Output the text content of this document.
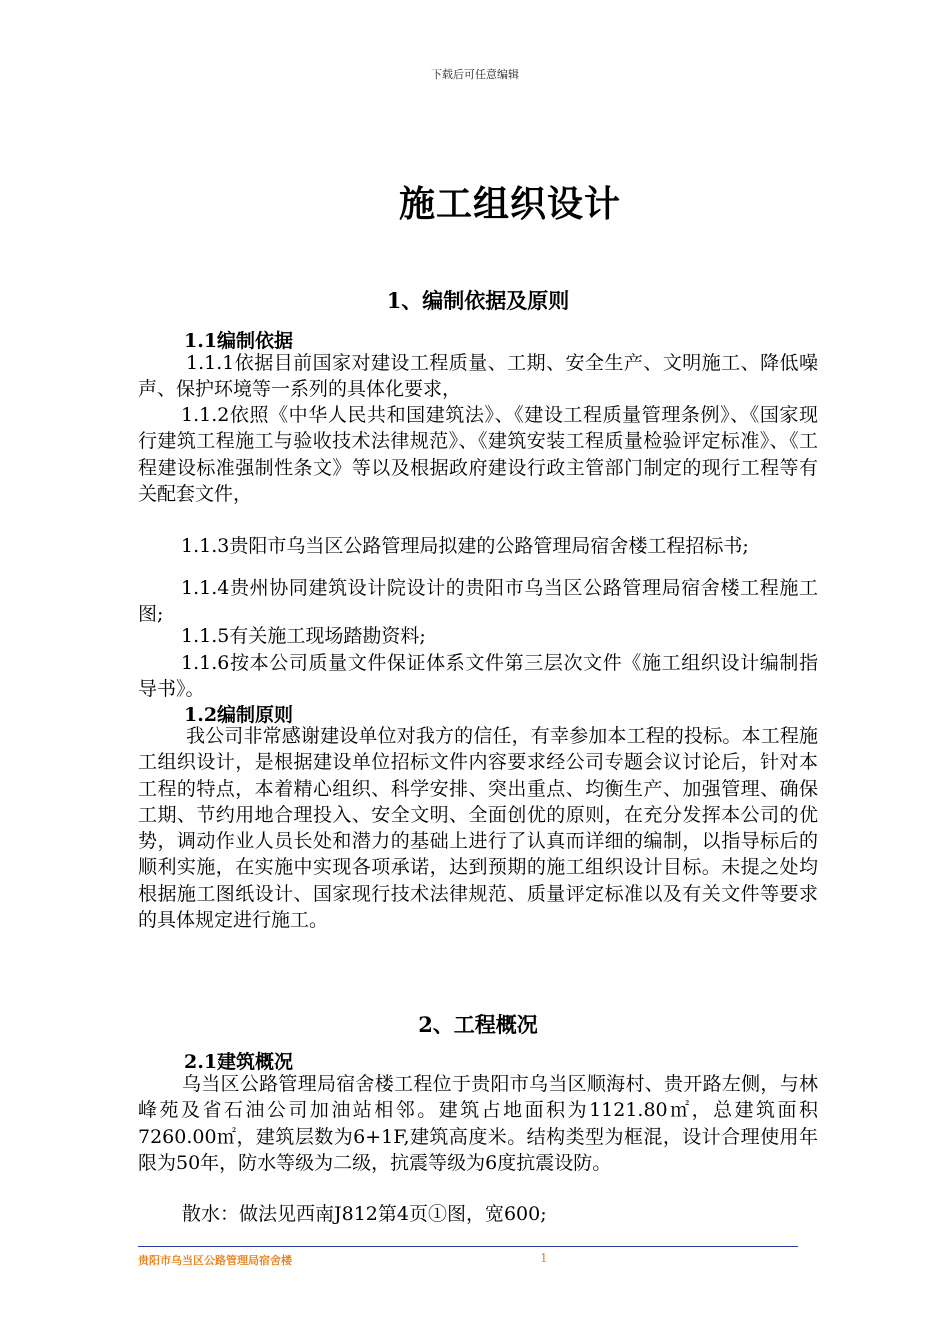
下载后可任意编辑
施工组织设计
1、编制依据及原则
1.1编制依据

1.1.1依据目前国家对建设工程质量、工期、安全生产、文明施工、降低噪声、保护环境等一系列的具体化要求，

1.1.2依照《中华人民共和国建筑法》、《建设工程质量管理条例》、《国家现行建筑工程施工与验收技术法律规范》、《建筑安装工程质量检验评定标准》、《工程建设标准强制性条文》等以及根据政府建设行政主管部门制定的现行工程等有关配套文件，

1.1.3贵阳市乌当区公路管理局拟建的公路管理局宿舍楼工程招标书;

1.1.4贵州协同建筑设计院设计的贵阳市乌当区公路管理局宿舍楼工程施工图;

1.1.5有关施工现场踏勘资料;

1.1.6按本公司质量文件保证体系文件第三层次文件《施工组织设计编制指导书》。

1.2编制原则

我公司非常感谢建设单位对我方的信任，有幸参加本工程的投标。本工程施工组织设计，是根据建设单位招标文件内容要求经公司专题会议讨论后，针对本工程的特点，本着精心组织、科学安排、突出重点、均衡生产、加强管理、确保工期、节约用地合理投入、安全文明、全面创优的原则，在充分发挥本公司的优势，调动作业人员长处和潜力的基础上进行了认真而详细的编制，以指导标后的顺利实施，在实施中实现各项承诺，达到预期的施工组织设计目标。未提之处均根据施工图纸设计、国家现行技术法律规范、质量评定标准以及有关文件等要求的具体规定进行施工。

2、工程概况
2.1建筑概况

乌当区公路管理局宿舍楼工程位于贵阳市乌当区顺海村、贵开路左侧，与林峰苑及省石油公司加油站相邻。建筑占地面积为1121.80㎡，总建筑面积7260.00㎡，建筑层数为6+1F,建筑高度米。结构类型为框混，设计合理使用年限为50年，防水等级为二级，抗震等级为6度抗震设防。

散水：做法见西南J812第4页①图，宽600;

贵阳市乌当区公路管理局宿舍楼	1
